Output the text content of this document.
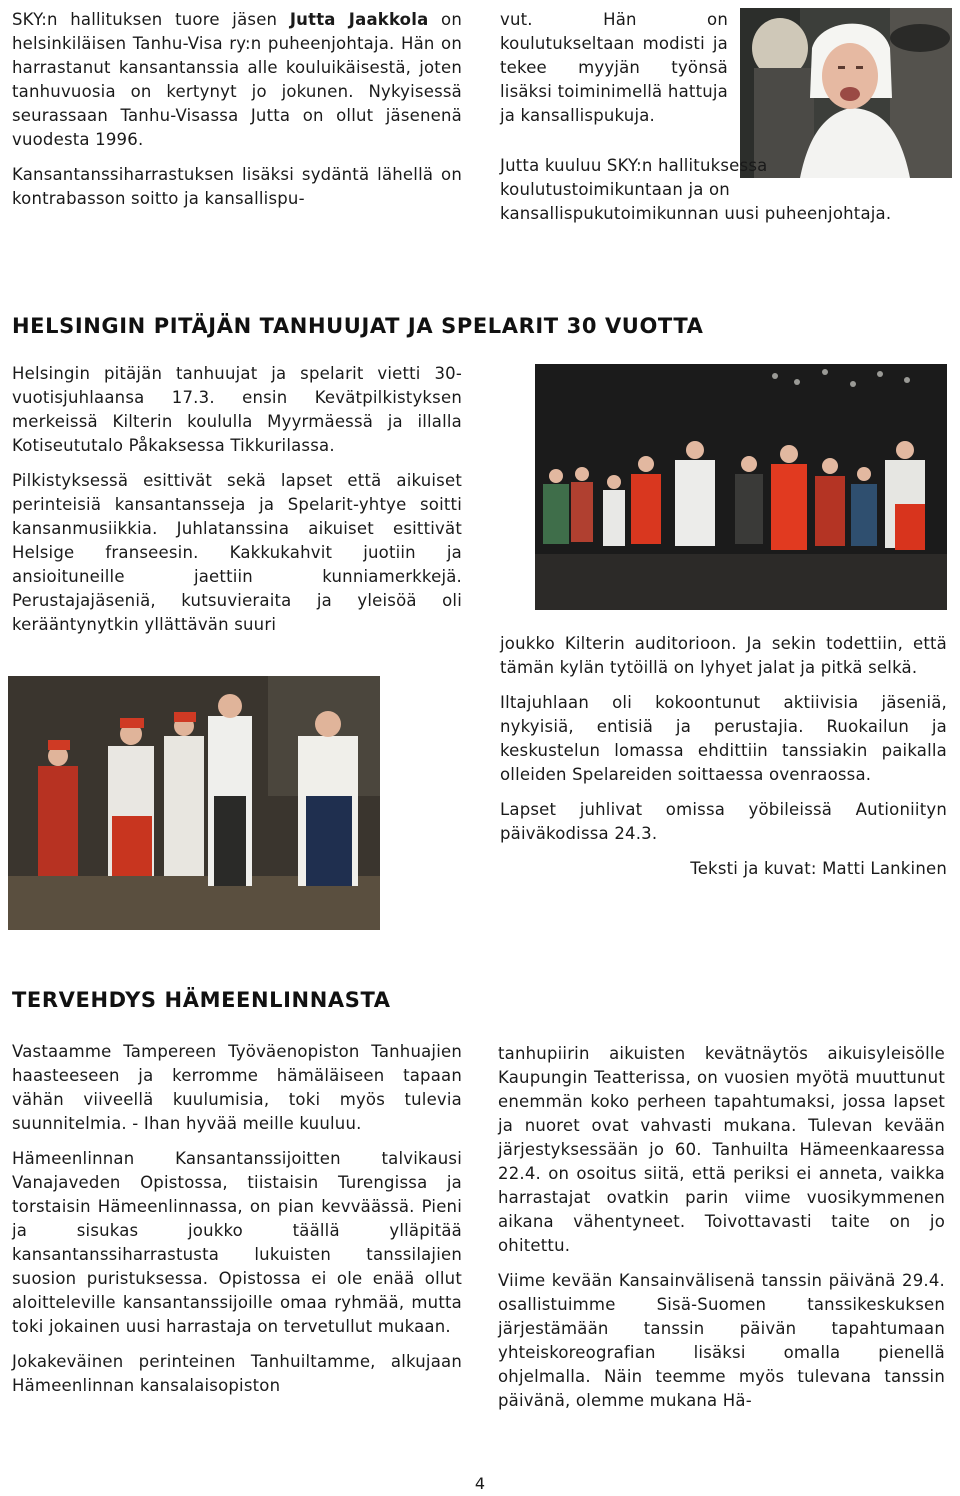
SKY:n hallituksen tuore jäsen Jutta Jaakkola on helsinkiläisen Tanhu-Visa ry:n puheenjohtaja. Hän on harrastanut kansantanssia alle kouluikäisestä, joten tanhuvuosia on kertynyt jo jokunen. Nykyisessä seurassaan Tanhu-Visassa Jutta on ollut jäsenenä vuodesta 1996.

Kansantanssiharrastuksen lisäksi sydäntä lähellä on kontrabasson soitto ja kansallispu-

vut. Hän on koulutukseltaan modisti ja tekee myyjän työnsä lisäksi toiminimellä hattuja ja kansallispukuja.

Jutta kuuluu SKY:n hallituksessa koulutustoimikuntaan ja on kansallispukutoimikunnan uusi puheenjohtaja.

HELSINGIN PITÄJÄN TANHUUJAT JA SPELARIT 30 VUOTTA

Helsingin pitäjän tanhuujat ja spelarit vietti 30-vuotisjuhlaansa 17.3. ensin Kevätpilkistyksen merkeissä Kilterin koululla Myyrmäessä ja illalla Kotiseututalo Påkaksessa Tikkurilassa.

Pilkistyksessä esittivät sekä lapset että aikuiset perinteisiä kansantansseja ja Spelarit-yhtye soitti kansanmusiikkia. Juhlatanssina aikuiset esittivät Helsige franseesin. Kakkukahvit juotiin ja ansioituneille jaettiin kunniamerkkejä. Perustajajäseniä, kutsuvieraita ja yleisöä oli kerääntynytkin yllättävän suuri

joukko Kilterin auditorioon. Ja sekin todettiin, että tämän kylän tytöillä on lyhyet jalat ja pitkä selkä.

Iltajuhlaan oli kokoontunut aktiivisia jäseniä, nykyisiä, entisiä ja perustajia. Ruokailun ja keskustelun lomassa ehdittiin tanssiakin paikalla olleiden Spelareiden soittaessa ovenraossa.

Lapset juhlivat omissa yöbileissä Autioniityn päiväkodissa 24.3.

Teksti ja kuvat: Matti Lankinen

TERVEHDYS HÄMEENLINNASTA

Vastaamme Tampereen Työväenopiston Tanhuajien haasteeseen ja kerromme hämäläiseen tapaan vähän viiveellä kuulumisia, toki myös tulevia suunnitelmia. - Ihan hyvää meille kuuluu.

Hämeenlinnan Kansantanssijoitten talvikausi Vanajaveden Opistossa, tiistaisin Turengissa ja torstaisin Hämeenlinnassa, on pian kevväässä. Pieni ja sisukas joukko täällä ylläpitää kansantanssiharrastusta lukuisten tanssilajien suosion puristuksessa. Opistossa ei ole enää ollut aloitteleville kansantanssijoille omaa ryhmää, mutta toki jokainen uusi harrastaja on tervetullut mukaan.

Jokakeväinen perinteinen Tanhuiltamme, alkujaan Hämeenlinnan kansalaisopiston

tanhupiirin aikuisten kevätnäytös aikuisyleisölle Kaupungin Teatterissa, on vuosien myötä muuttunut enemmän koko perheen tapahtumaksi, jossa lapset ja nuoret ovat vahvasti mukana. Tulevan kevään järjestyksessään jo 60. Tanhuilta Hämeenkaaressa 22.4. on osoitus siitä, että periksi ei anneta, vaikka harrastajat ovatkin parin viime vuosikymmenen aikana vähentyneet. Toivottavasti taite on jo ohitettu.

Viime kevään Kansainvälisenä tanssin päivänä 29.4. osallistuimme Sisä-Suomen tanssikeskuksen järjestämään tanssin päivän tapahtumaan yhteiskoreografian lisäksi omalla pienellä ohjelmalla. Näin teemme myös tulevana tanssin päivänä, olemme mukana Hä-

4
